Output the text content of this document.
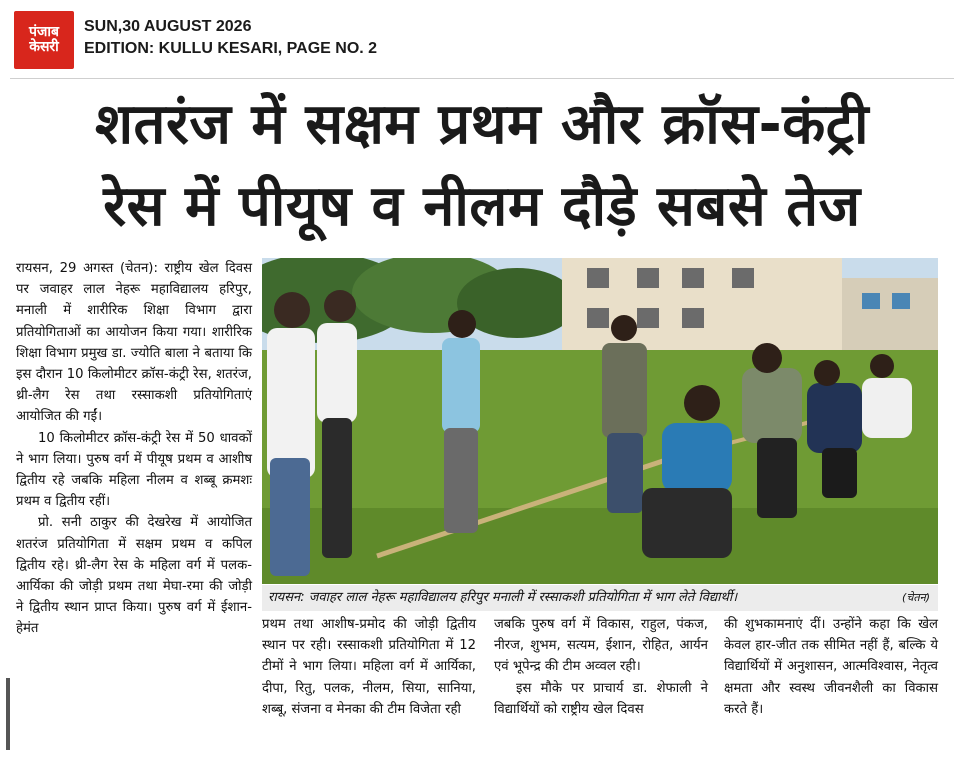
पंजाब
केसरी
SUN,30 AUGUST 2026
EDITION: KULLU KESARI, PAGE NO. 2
शतरंज में सक्षम प्रथम और क्रॉस-कंट्री
रेस में पीयूष व नीलम दौड़े सबसे तेज

रायसन, 29 अगस्त (चेतन): राष्ट्रीय खेल दिवस पर जवाहर लाल नेहरू महाविद्यालय हरिपुर, मनाली में शारीरिक शिक्षा विभाग द्वारा प्रतियोगिताओं का आयोजन किया गया। शारीरिक शिक्षा विभाग प्रमुख डा. ज्योति बाला ने बताया कि इस दौरान 10 किलोमीटर क्रॉस-कंट्री रेस, शतरंज, थ्री-लैग रेस तथा रस्साकशी प्रतियोगिताएं आयोजित की गईं।

10 किलोमीटर क्रॉस-कंट्री रेस में 50 धावकों ने भाग लिया। पुरुष वर्ग में पीयूष प्रथम व आशीष द्वितीय रहे जबकि महिला नीलम व शब्बू क्रमशः प्रथम व द्वितीय रहीं।

प्रो. सनी ठाकुर की देखरेख में आयोजित शतरंज प्रतियोगिता में सक्षम प्रथम व कपिल द्वितीय रहे। थ्री-लैग रेस के महिला वर्ग में पलक-आर्यिका की जोड़ी प्रथम तथा मेघा-रमा की जोड़ी ने द्वितीय स्थान प्राप्त किया। पुरुष वर्ग में ईशान-हेमंत

रायसन: जवाहर लाल नेहरू महाविद्यालय हरिपुर मनाली में रस्साकशी प्रतियोगिता में भाग लेते विद्यार्थी।	(चेतन)

प्रथम तथा आशीष-प्रमोद की जोड़ी द्वितीय स्थान पर रही। रस्साकशी प्रतियोगिता में 12 टीमों ने भाग लिया। महिला वर्ग में आर्यिका, दीपा, रितु, पलक, नीलम, सिया, सानिया, शब्बू, संजना व मेनका की टीम विजेता रही

जबकि पुरुष वर्ग में विकास, राहुल, पंकज, नीरज, शुभम, सत्यम, ईशान, रोहित, आर्यन एवं भूपेन्द्र की टीम अव्वल रही।

इस मौके पर प्राचार्य डा. शेफाली ने विद्यार्थियों को राष्ट्रीय खेल दिवस

की शुभकामनाएं दीं। उन्होंने कहा कि खेल केवल हार-जीत तक सीमित नहीं हैं, बल्कि ये विद्यार्थियों में अनुशासन, आत्मविश्वास, नेतृत्व क्षमता और स्वस्थ जीवनशैली का विकास करते हैं।
